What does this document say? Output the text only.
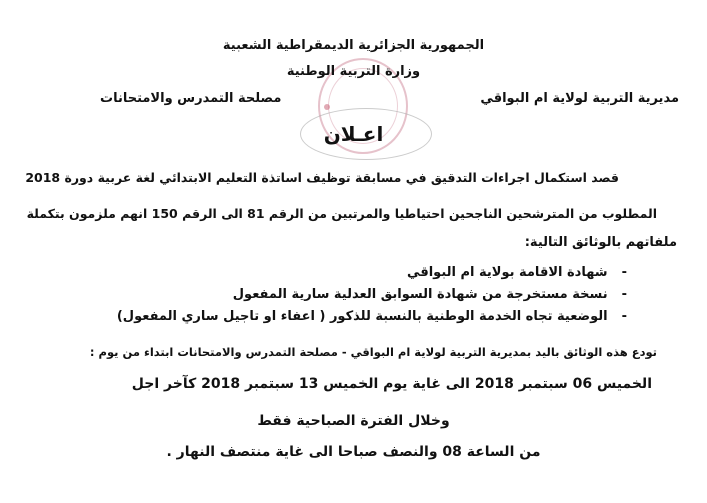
الجمهورية الجزائرية الديمقراطية الشعبية
وزارة التربية الوطنية
مديرية التربية لولاية ام البواقي
مصلحة التمدرس والامتحانات
اعـلان
قصد استكمال اجراءات التدقيق في مسابقة توظيف اساتذة التعليم الابتدائي لغة عربية دورة 2018
المطلوب من المترشحين الناجحين احتياطيا والمرتبين من الرقم 81 الى الرقم 150 انهم ملزمون بتكملة
ملفاتهم بالوثائق التالية:
-شهادة الاقامة بولاية ام البواقي
-نسخة مستخرجة من شهادة السوابق العدلية سارية المفعول
-الوضعية تجاه الخدمة الوطنية بالنسبة للذكور ( اعفاء او تاجيل ساري المفعول)
تودع هذه الوثائق باليد بمديرية التربية لولاية ام البواقي - مصلحة التمدرس والامتحانات ابتداء من يوم :
الخميس 06 سبتمبر 2018 الى غاية يوم الخميس 13 سبتمبر 2018 كآخر اجل
وخلال الفترة الصباحية فقط
من الساعة 08 والنصف صباحا الى غاية منتصف النهار .
